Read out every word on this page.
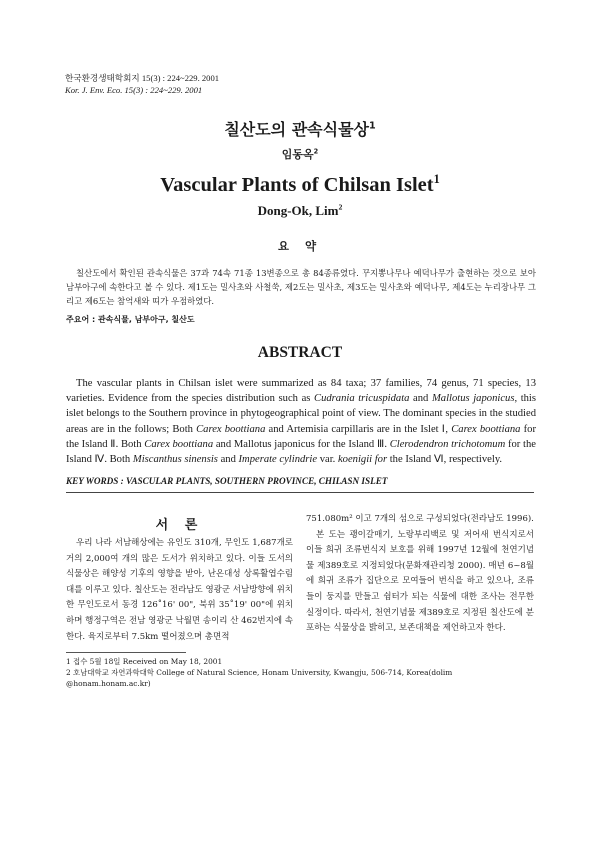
한국환경생태학회지 15(3) : 224~229. 2001
Kor. J. Env. Eco. 15(3) : 224~229. 2001
칠산도의 관속식물상$^1$
임동옥$^2$
Vascular Plants of Chilsan Islet$^1$
Dong-Ok, Lim$^2$
요 약

칠산도에서 확인된 관속식물은 37과 74속 71종 13변종으로 총 84종류였다. 꾸지뽕나무나 예덕나무가 출현하는 것으로 보아 남부아구에 속한다고 볼 수 있다. 제1도는 밀사초와 사철쑥, 제2도는 밀사초, 제3도는 밀사초와 예덕나무, 제4도는 누리장나무 그리고 제6도는 참억새와 띠가 우점하였다.

주요어 : 관속식물, 남부아구, 칠산도
ABSTRACT

The vascular plants in Chilsan islet were summarized as 84 taxa; 37 families, 74 genus, 71 species, 13 varieties. Evidence from the species distribution such as Cudrania tricuspidata and Mallotus japonicus, this islet belongs to the Southern province in phytogeographical point of view. The dominant species in the studied areas are in the follows; Both Carex boottiana and Artemisia carpillaris are in the Islet Ⅰ, Carex boottiana for the Island Ⅱ. Both Carex boottiana and Mallotus japonicus for the Island Ⅲ. Clerodendron trichotomum for the Island Ⅳ. Both Miscanthus sinensis and Imperate cylindrie var. koenigii for the Island Ⅵ, respectively.

KEY WORDS : VASCULAR PLANTS, SOUTHERN PROVINCE, CHILASN ISLET
서 론

우리 나라 서남해상에는 유인도 310개, 무인도 1,687개로 거의 2,000여 개의 많은 도서가 위치하고 있다. 이들 도서의 식물상은 해양성 기후의 영향을 받아, 난온대성 상록활엽수림대를 이루고 있다. 칠산도는 전라남도 영광군 서남방향에 위치한 무인도로서 동경 126˚16' 00", 북위 35˚19' 00"에 위치하며 행정구역은 전남 영광군 낙월면 송이리 산 462번지에 속한다. 육지로부터 7.5km 떨어졌으며 총면적

751.080m² 이고 7개의 섬으로 구성되었다(전라남도 1996).

본 도는 괭이갈매기, 노랑부리백로 및 저어새 번식지로서 이들 희귀 조류번식지 보호를 위해 1997년 12월에 천연기념물 제389호로 지정되었다(문화재관리청 2000). 매년 6~8월에 희귀 조류가 집단으로 모여들어 번식을 하고 있으나, 조류들이 둥지를 만들고 쉼터가 되는 식물에 대한 조사는 전무한 실정이다. 따라서, 천연기념물 제389호로 지정된 칠산도에 분포하는 식물상을 밝히고, 보존대책을 제언하고자 한다.

1 접수 5월 18일 Received on May 18, 2001
2 호남대학교 자연과학대학 College of Natural Science, Honam University, Kwangju, 506-714, Korea(dolim @honam.honam.ac.kr)
